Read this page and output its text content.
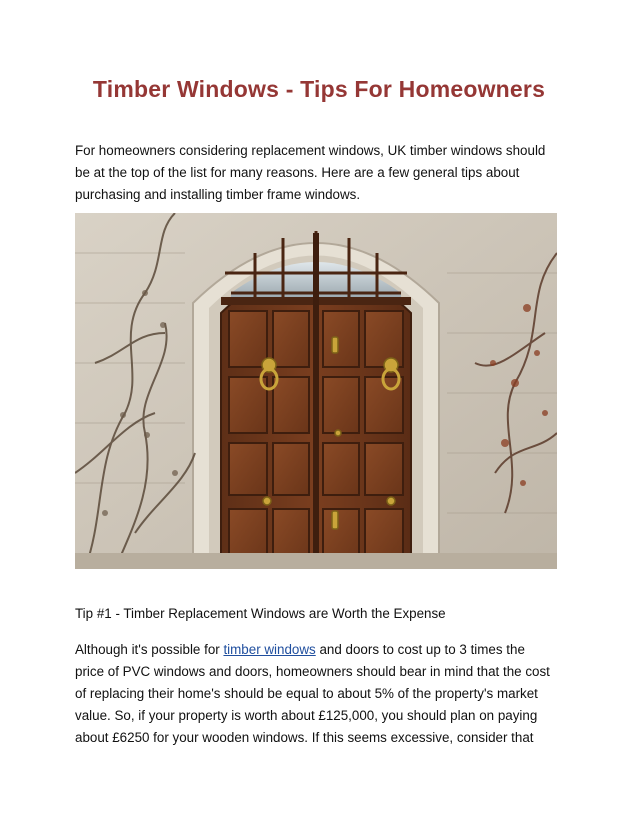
Timber Windows - Tips For Homeowners
For homeowners considering replacement windows, UK timber windows should
be at the top of the list for many reasons. Here are a few general tips about
purchasing and installing timber frame windows.
Tip #1 - Timber Replacement Windows are Worth the Expense
Although it's possible for timber windows and doors to cost up to 3 times the
price of PVC windows and doors, homeowners should bear in mind that the cost
of replacing their home's should be equal to about 5% of the property's market
value. So, if your property is worth about £125,000, you should plan on paying
about £6250 for your wooden windows. If this seems excessive, consider that
